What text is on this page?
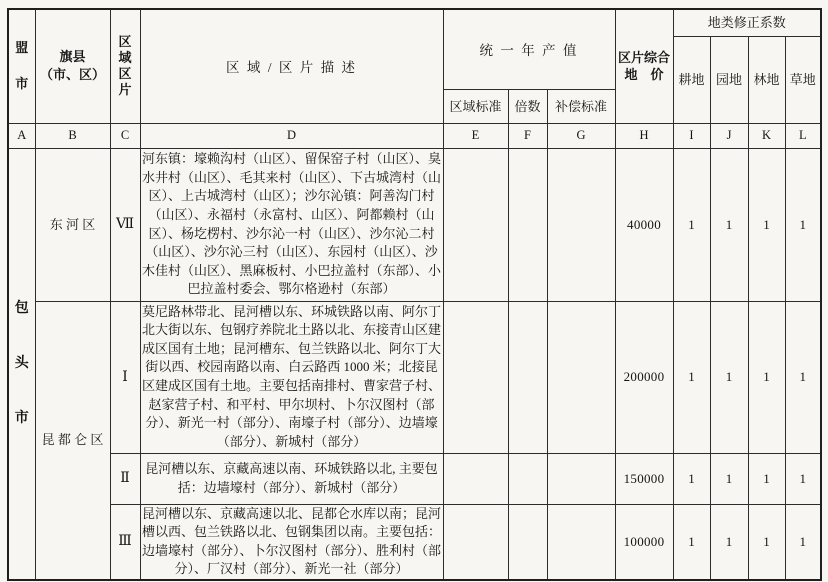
盟市

旗县
（市、区）

区域区片
	区 域 / 区 片 描 述	统 一 年 产 值	区片综合
地    价
	地类修正系数
								耕地	园地	林地	草地
				区域标准	倍数	补偿标准					
A	B	C	D	E	F	G	H	I	J	K	L

包头市	东 河 区	Ⅶ	河东镇：壕赖沟村（山区）、留保窑子村（山区）、臭水井村（山区）、毛其来村（山区）、下古城湾村（山区）、上古城湾村（山区）；沙尔沁镇：阿善沟门村（山区）、永福村（永富村、山区）、阿都赖村（山区）、杨圪楞村、沙尔沁一村（山区）、沙尔沁二村（山区）、沙尔沁三村（山区）、东园村（山区）、沙木佳村（山区）、黑麻板村、小巴拉盖村（东部）、小巴拉盖村委会、鄂尔格逊村（东部）				40000	1	1	1	1
	昆 都 仑 区	Ⅰ	莫尼路林带北、昆河槽以东、环城铁路以南、阿尔丁北大街以东、包钢疗养院北土路以北、东接青山区建成区国有土地；昆河槽东、包兰铁路以北、阿尔丁大街以西、校园南路以南、白云路西 1000 米；北接昆区建成区国有土地。主要包括南排村、曹家营子村、赵家营子村、和平村、甲尔坝村、卜尔汉图村（部分）、新光一村（部分）、南壕子村（部分）、边墙壕（部分）、新城村（部分）				200000	1	1	1	1
		Ⅱ	昆河槽以东、京藏高速以南、环城铁路以北, 主要包括：边墙壕村（部分）、新城村（部分）				150000	1	1	1	1
		Ⅲ	昆河槽以东、京藏高速以北、昆都仑水库以南；昆河槽以西、包兰铁路以北、包钢集团以南。主要包括：边墙壕村（部分）、卜尔汉图村（部分）、胜利村（部分）、厂汉村（部分）、新光一社（部分）				100000	1	1	1	1
